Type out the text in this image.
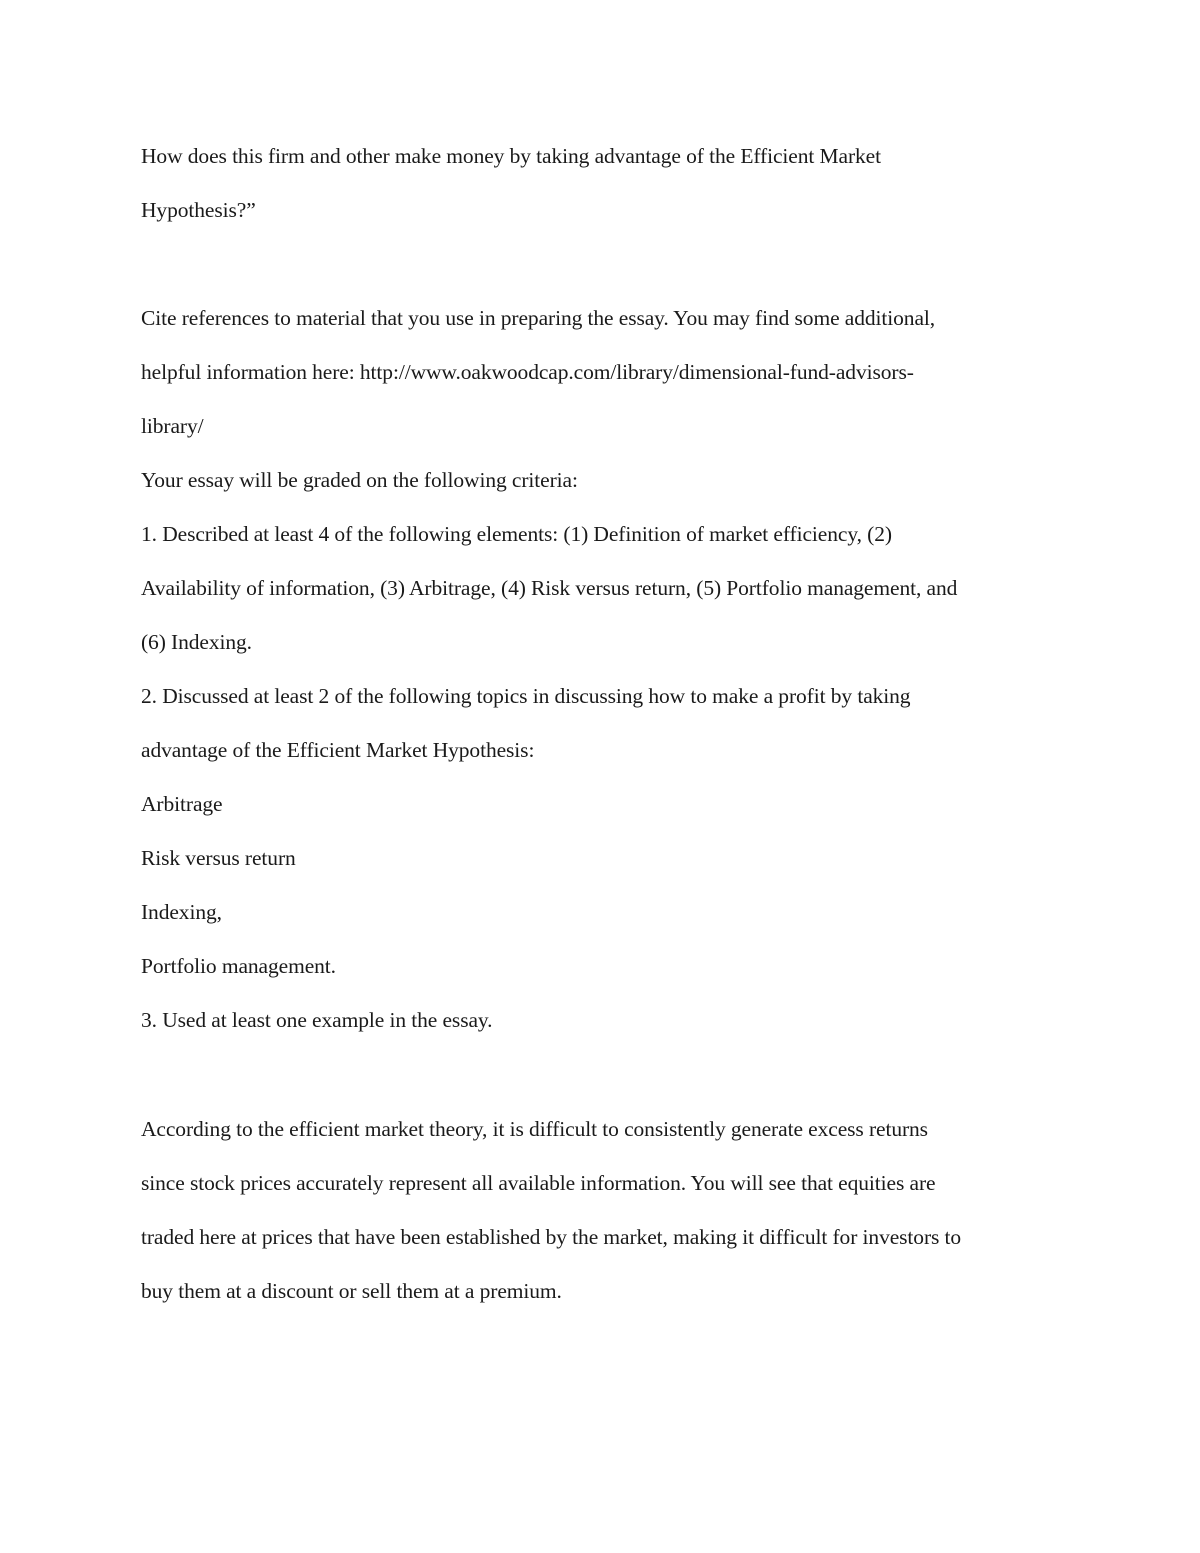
How does this firm and other make money by taking advantage of the Efficient Market
Hypothesis?”
Cite references to material that you use in preparing the essay. You may find some additional,
helpful information here: http://www.oakwoodcap.com/library/dimensional-fund-advisors-
library/
Your essay will be graded on the following criteria:
1. Described at least 4 of the following elements: (1) Definition of market efficiency, (2)
Availability of information, (3) Arbitrage, (4) Risk versus return, (5) Portfolio management, and
(6) Indexing.
2. Discussed at least 2 of the following topics in discussing how to make a profit by taking
advantage of the Efficient Market Hypothesis:
Arbitrage
Risk versus return
Indexing,
Portfolio management.
3. Used at least one example in the essay.
According to the efficient market theory, it is difficult to consistently generate excess returns
since stock prices accurately represent all available information. You will see that equities are
traded here at prices that have been established by the market, making it difficult for investors to
buy them at a discount or sell them at a premium.
